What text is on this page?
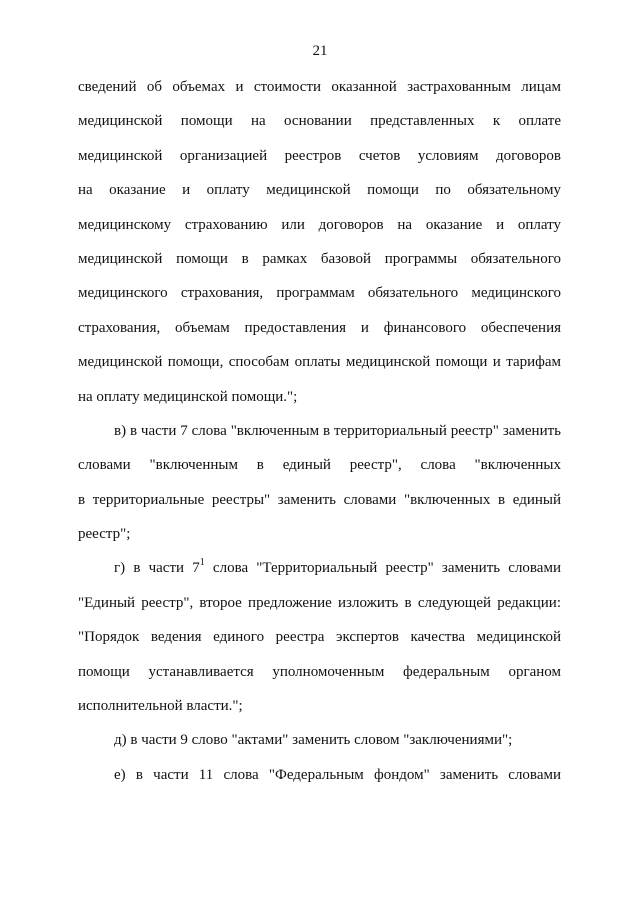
21
сведений об объемах и стоимости оказанной застрахованным лицам
медицинской помощи на основании представленных к оплате
медицинской организацией реестров счетов условиям договоров
на оказание и оплату медицинской помощи по обязательному
медицинскому страхованию или договоров на оказание и оплату
медицинской помощи в рамках базовой программы обязательного
медицинского страхования, программам обязательного медицинского
страхования, объемам предоставления и финансового обеспечения
медицинской помощи, способам оплаты медицинской помощи и тарифам
на оплату медицинской помощи.";
в) в части 7 слова "включенным в территориальный реестр" заменить
словами "включенным в единый реестр", слова "включенных
в территориальные реестры" заменить словами "включенных в единый
реестр";
г) в части $7^1$ слова "Территориальный реестр" заменить словами
"Единый реестр", второе предложение изложить в следующей редакции:
"Порядок ведения единого реестра экспертов качества медицинской
помощи устанавливается уполномоченным федеральным органом
исполнительной власти.";
д) в части 9 слово "актами" заменить словом "заключениями";
е) в части 11 слова "Федеральным фондом" заменить словами
